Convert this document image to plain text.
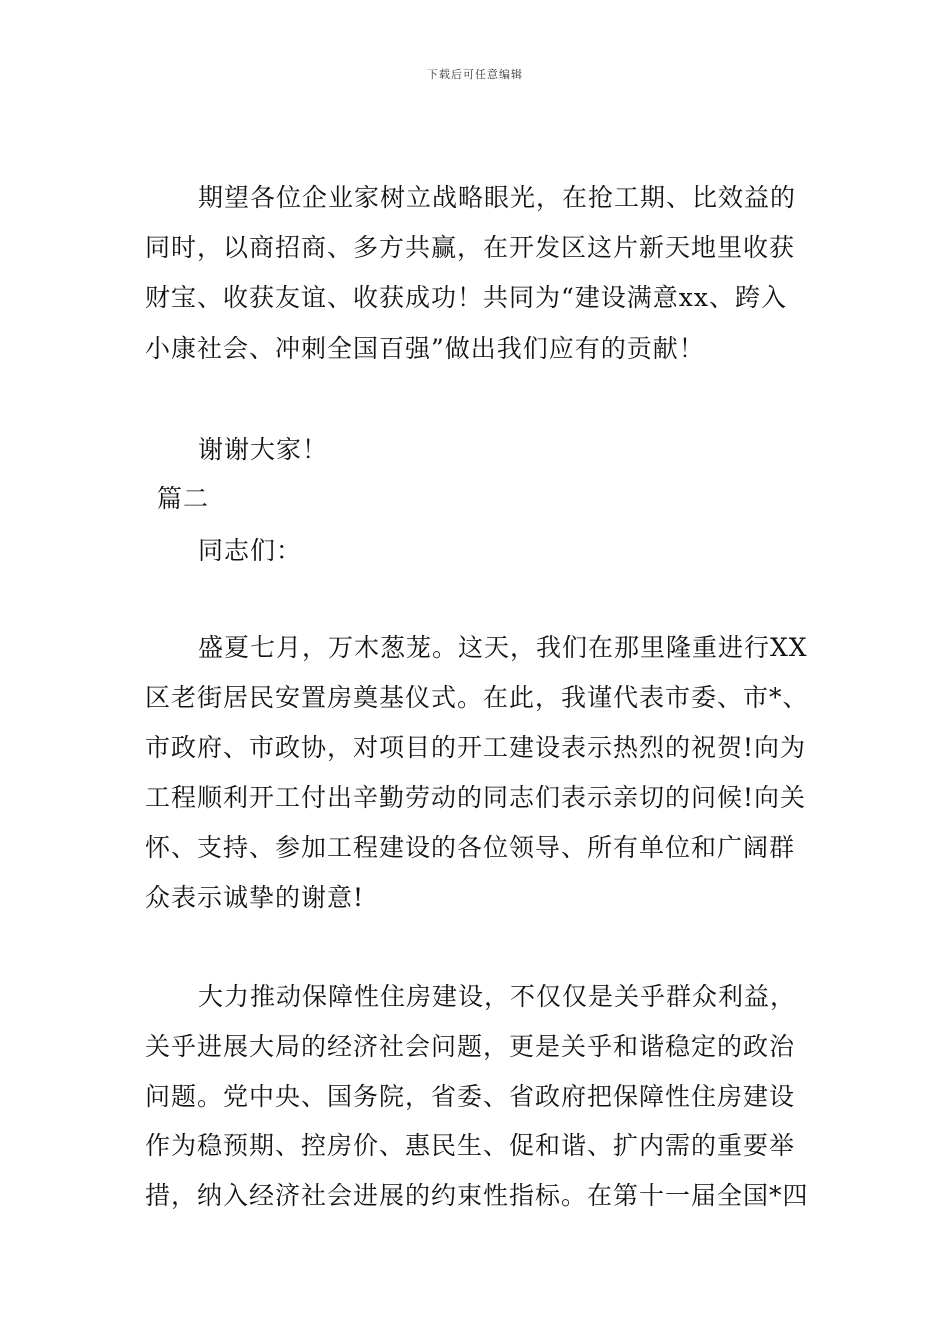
下载后可任意编辑
期望各位企业家树立战略眼光，在抢工期、比效益的
同时，以商招商、多方共赢，在开发区这片新天地里收获
财宝、收获友谊、收获成功！共同为“建设满意xx、跨入
小康社会、冲刺全国百强”做出我们应有的贡献！
谢谢大家！
篇二
同志们：
盛夏七月，万木葱茏。这天，我们在那里隆重进行XX
区老街居民安置房奠基仪式。在此，我谨代表市委、市*、
市政府、市政协，对项目的开工建设表示热烈的祝贺!向为
工程顺利开工付出辛勤劳动的同志们表示亲切的问候!向关
怀、支持、参加工程建设的各位领导、所有单位和广阔群
众表示诚挚的谢意!
大力推动保障性住房建设，不仅仅是关乎群众利益，
关乎进展大局的经济社会问题，更是关乎和谐稳定的政治
问题。党中央、国务院，省委、省政府把保障性住房建设
作为稳预期、控房价、惠民生、促和谐、扩内需的重要举
措，纳入经济社会进展的约束性指标。在第十一届全国*四
